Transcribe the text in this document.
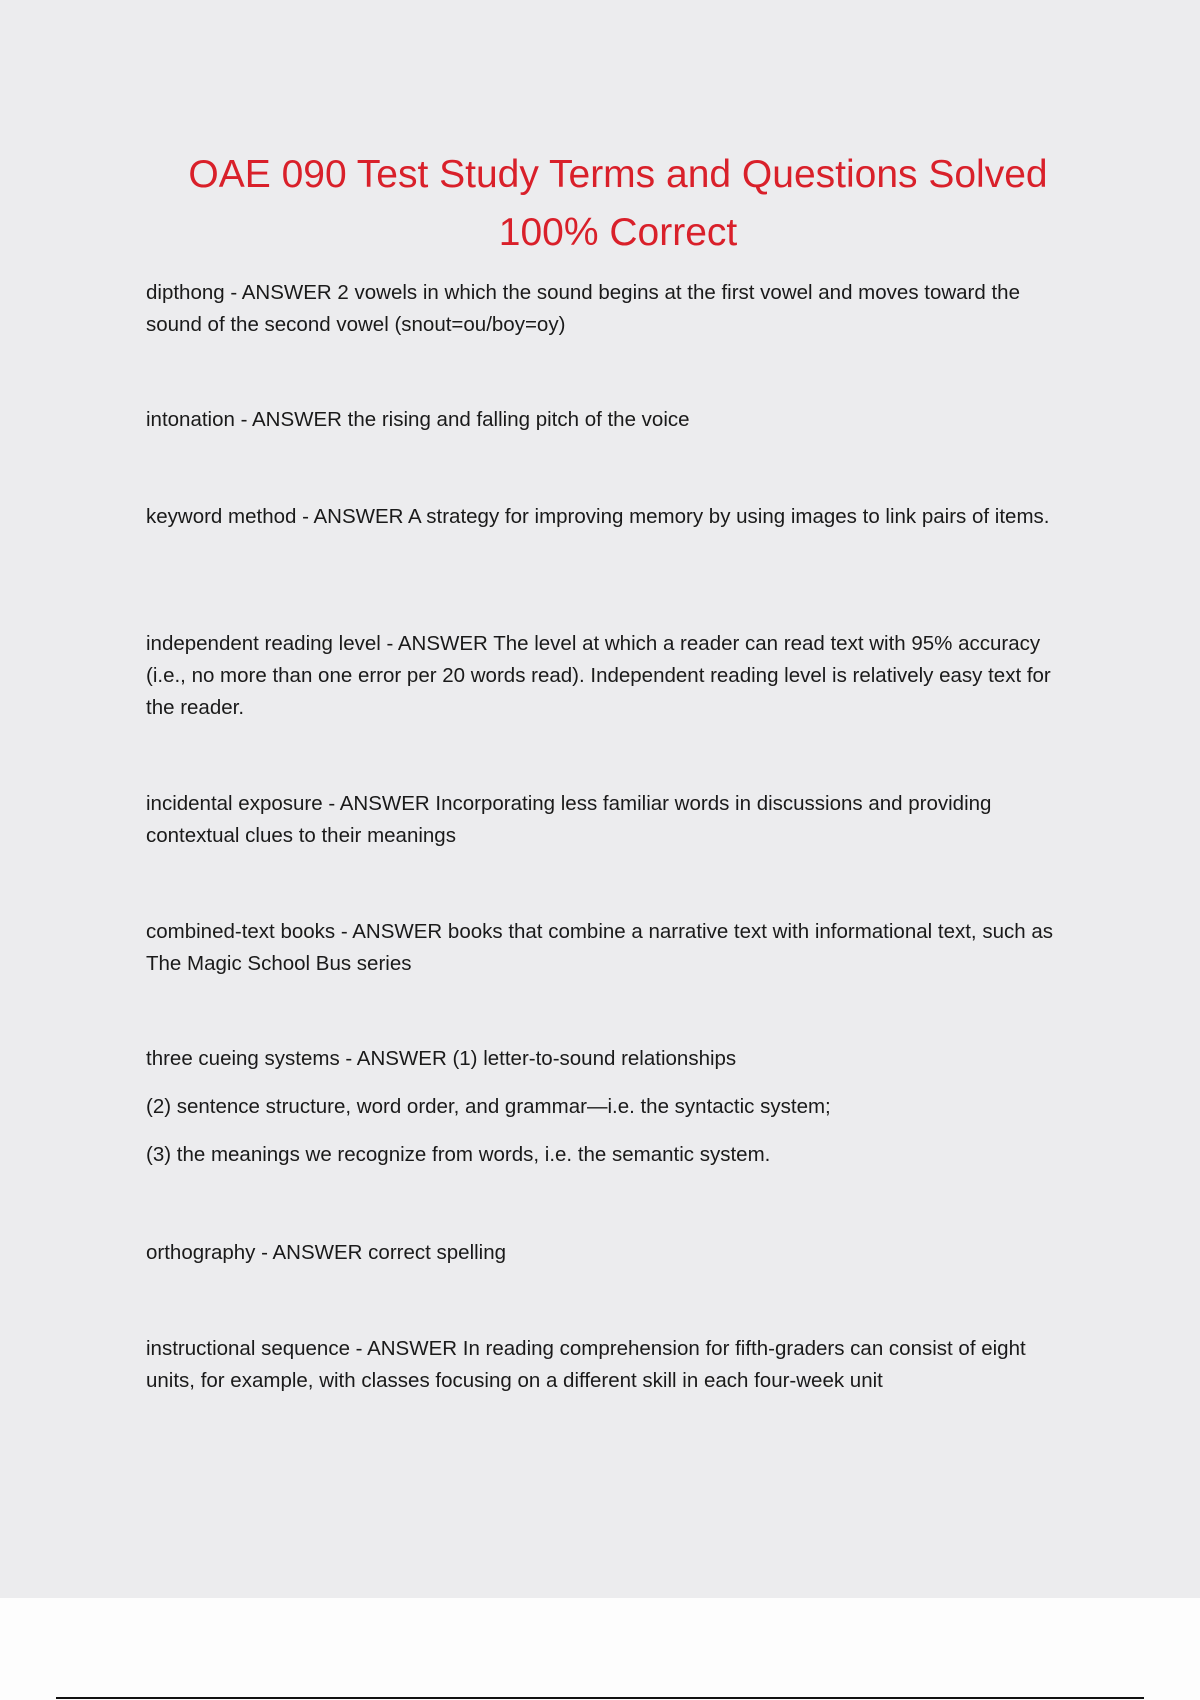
OAE 090 Test Study Terms and Questions Solved
100% Correct

dipthong - ANSWER 2 vowels in which the sound begins at the first vowel and moves toward the sound of the second vowel (snout=ou/boy=oy)

intonation - ANSWER the rising and falling pitch of the voice

keyword method - ANSWER A strategy for improving memory by using images to link pairs of items.

independent reading level - ANSWER The level at which a reader can read text with 95% accuracy (i.e., no more than one error per 20 words read). Independent reading level is relatively easy text for the reader.

incidental exposure - ANSWER Incorporating less familiar words in discussions and providing contextual clues to their meanings

combined-text books - ANSWER books that combine a narrative text with informational text, such as The Magic School Bus series

three cueing systems - ANSWER (1) letter-to-sound relationships

(2) sentence structure, word order, and grammar—i.e. the syntactic system;

(3) the meanings we recognize from words, i.e. the semantic system.

orthography - ANSWER correct spelling

instructional sequence - ANSWER In reading comprehension for fifth-graders can consist of eight units, for example, with classes focusing on a different skill in each four-week unit
